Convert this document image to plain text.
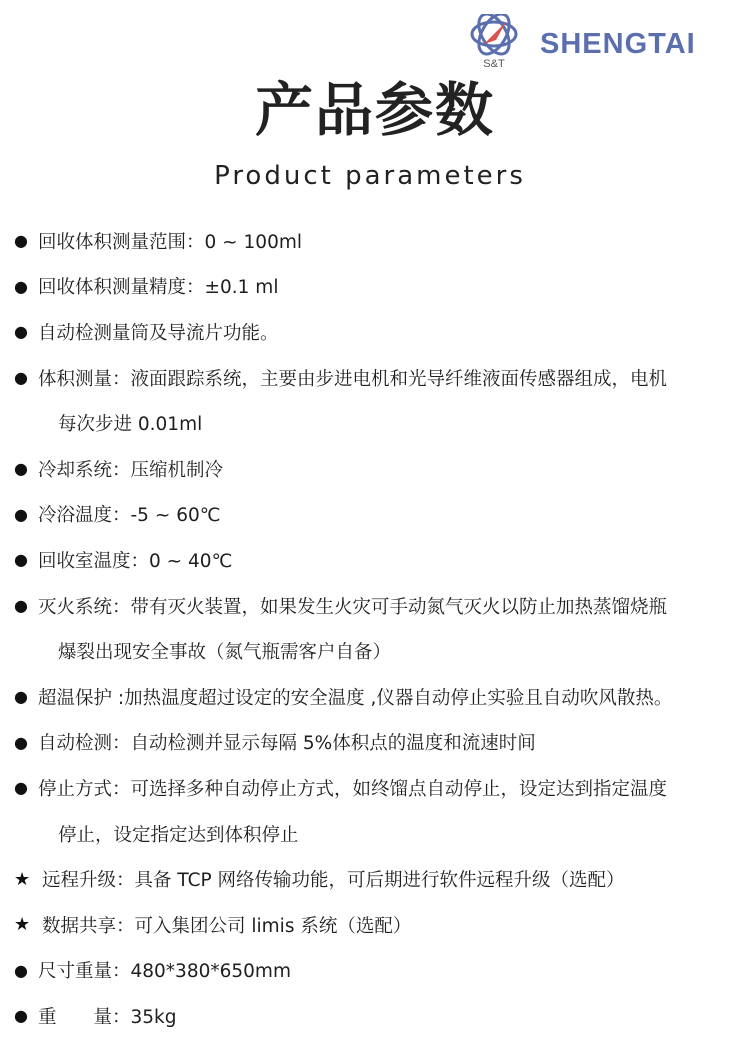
S&T
SHENGTAI
产品参数
Product parameters
● 回收体积测量范围：0 ~ 100ml
● 回收体积测量精度：±0.1 ml
● 自动检测量筒及导流片功能。
● 体积测量：液面跟踪系统，主要由步进电机和光导纤维液面传感器组成，电机
每次步进 0.01ml
● 冷却系统：压缩机制冷
● 冷浴温度：-5 ~ 60℃
● 回收室温度：0 ~ 40℃
● 灭火系统：带有灭火装置，如果发生火灾可手动氮气灭火以防止加热蒸馏烧瓶
爆裂出现安全事故（氮气瓶需客户自备）
● 超温保护 :加热温度超过设定的安全温度 ,仪器自动停止实验且自动吹风散热。
● 自动检测：自动检测并显示每隔 5%体积点的温度和流速时间
● 停止方式：可选择多种自动停止方式，如终馏点自动停止，设定达到指定温度
停止，设定指定达到体积停止
★ 远程升级：具备 TCP 网络传输功能，可后期进行软件远程升级（选配）
★ 数据共享：可入集团公司 limis 系统（选配）
● 尺寸重量：480*380*650mm
● 重　　量：35kg
